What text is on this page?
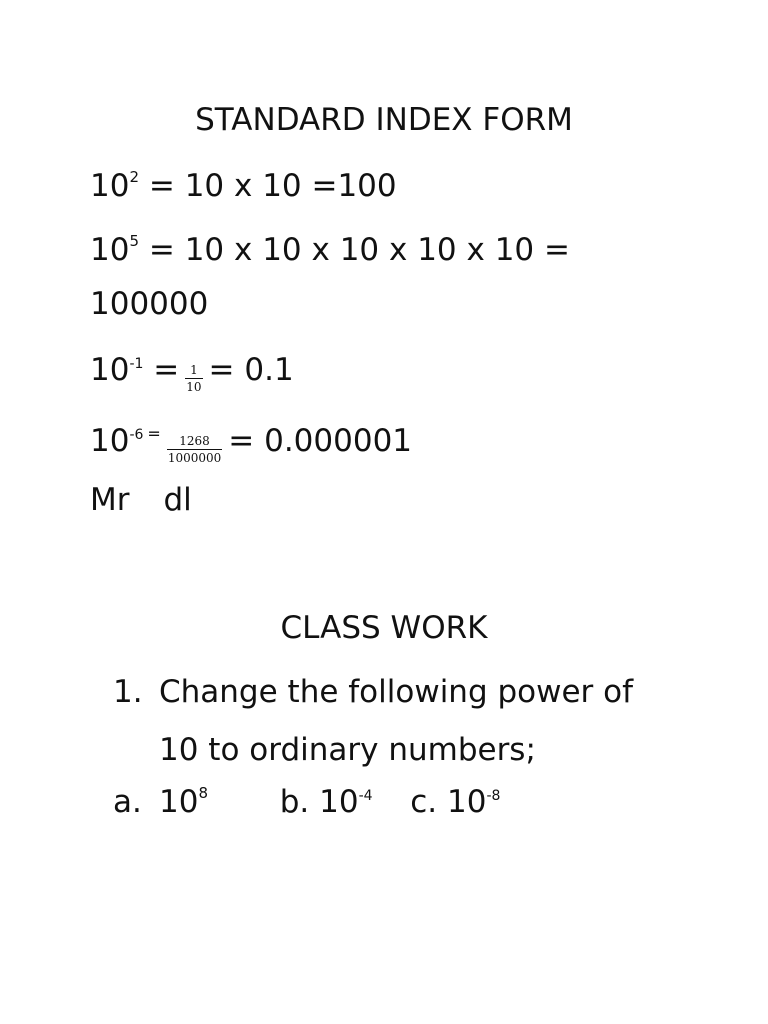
STANDARD INDEX FORM
$10^2 = 10$ x 10 =100
$10^5 = 10$ x 10 x 10 x 10 x 10 =
100000
$10^{-1} = \frac{1}{10} = 0.1$
$10^{-6}$ =
$\frac{1268}{1000000} = 0.000001$
Mr dl
CLASS WORK
1. Change the following power of
10 to ordinary numbers;
a. $10^8$ b. $10^{-4}$ c. $10^{-8}$
